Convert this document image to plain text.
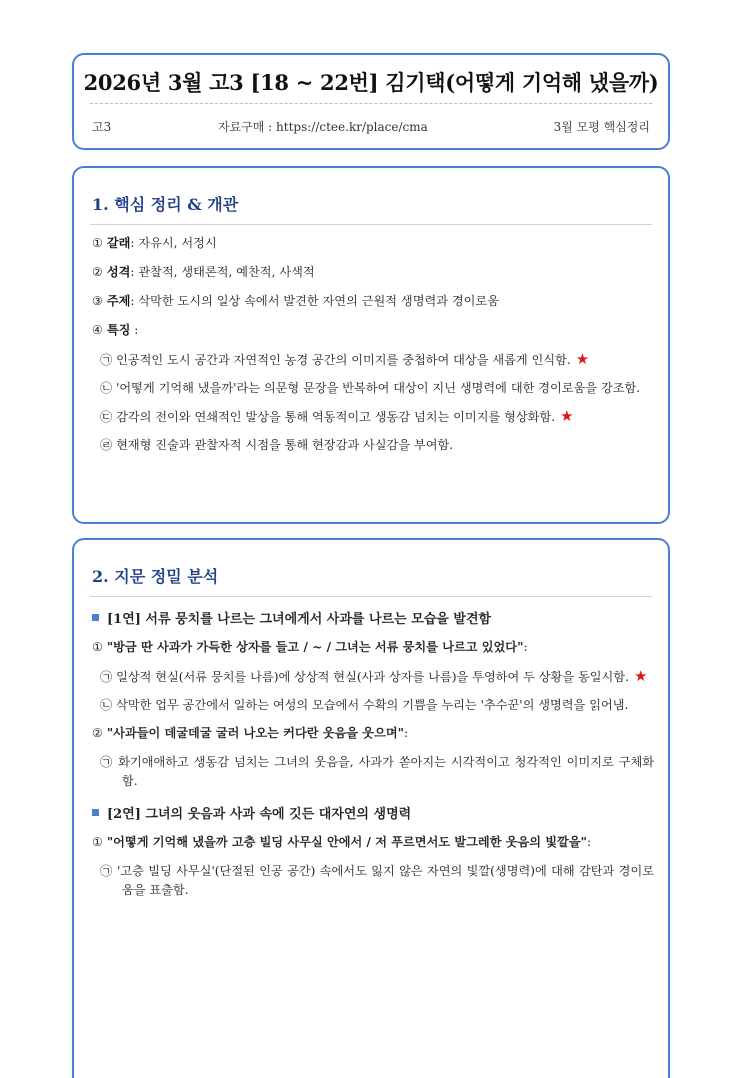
2026년 3월 고3 [18 ~ 22번] 김기택(어떻게 기억해 냈을까)
고3	자료구매 : https://ctee.kr/place/cma	3월 모평 핵심정리
1. 핵심 정리 & 개관
① 갈래: 자유시, 서정시
② 성격: 관찰적, 생태론적, 예찬적, 사색적
③ 주제: 삭막한 도시의 일상 속에서 발견한 자연의 근원적 생명력과 경이로움
④ 특징 :
㉠ 인공적인 도시 공간과 자연적인 농경 공간의 이미지를 중첩하여 대상을 새롭게 인식함. ★
㉡ '어떻게 기억해 냈을까'라는 의문형 문장을 반복하여 대상이 지닌 생명력에 대한 경이로움을 강조함.
㉢ 감각의 전이와 연쇄적인 발상을 통해 역동적이고 생동감 넘치는 이미지를 형상화함. ★
㉣ 현재형 진술과 관찰자적 시점을 통해 현장감과 사실감을 부여함.
2. 지문 정밀 분석
[1연] 서류 뭉치를 나르는 그녀에게서 사과를 나르는 모습을 발견함
① "방금 딴 사과가 가득한 상자를 들고 / ~ / 그녀는 서류 뭉치를 나르고 있었다":
㉠ 일상적 현실(서류 뭉치를 나름)에 상상적 현실(사과 상자를 나름)을 투영하여 두 상황을 동일시함. ★
㉡ 삭막한 업무 공간에서 일하는 여성의 모습에서 수확의 기쁨을 누리는 '추수꾼'의 생명력을 읽어냄.
② "사과들이 데굴데굴 굴러 나오는 커다란 웃음을 웃으며":
㉠ 화기애애하고 생동감 넘치는 그녀의 웃음을, 사과가 쏟아지는 시각적이고 청각적인 이미지로 구체화함.
[2연] 그녀의 웃음과 사과 속에 깃든 대자연의 생명력
① "어떻게 기억해 냈을까 고층 빌딩 사무실 안에서 / 저 푸르면서도 발그레한 웃음의 빛깔을":
㉠ '고층 빌딩 사무실'(단절된 인공 공간) 속에서도 잃지 않은 자연의 빛깔(생명력)에 대해 감탄과 경이로움을 표출함.
